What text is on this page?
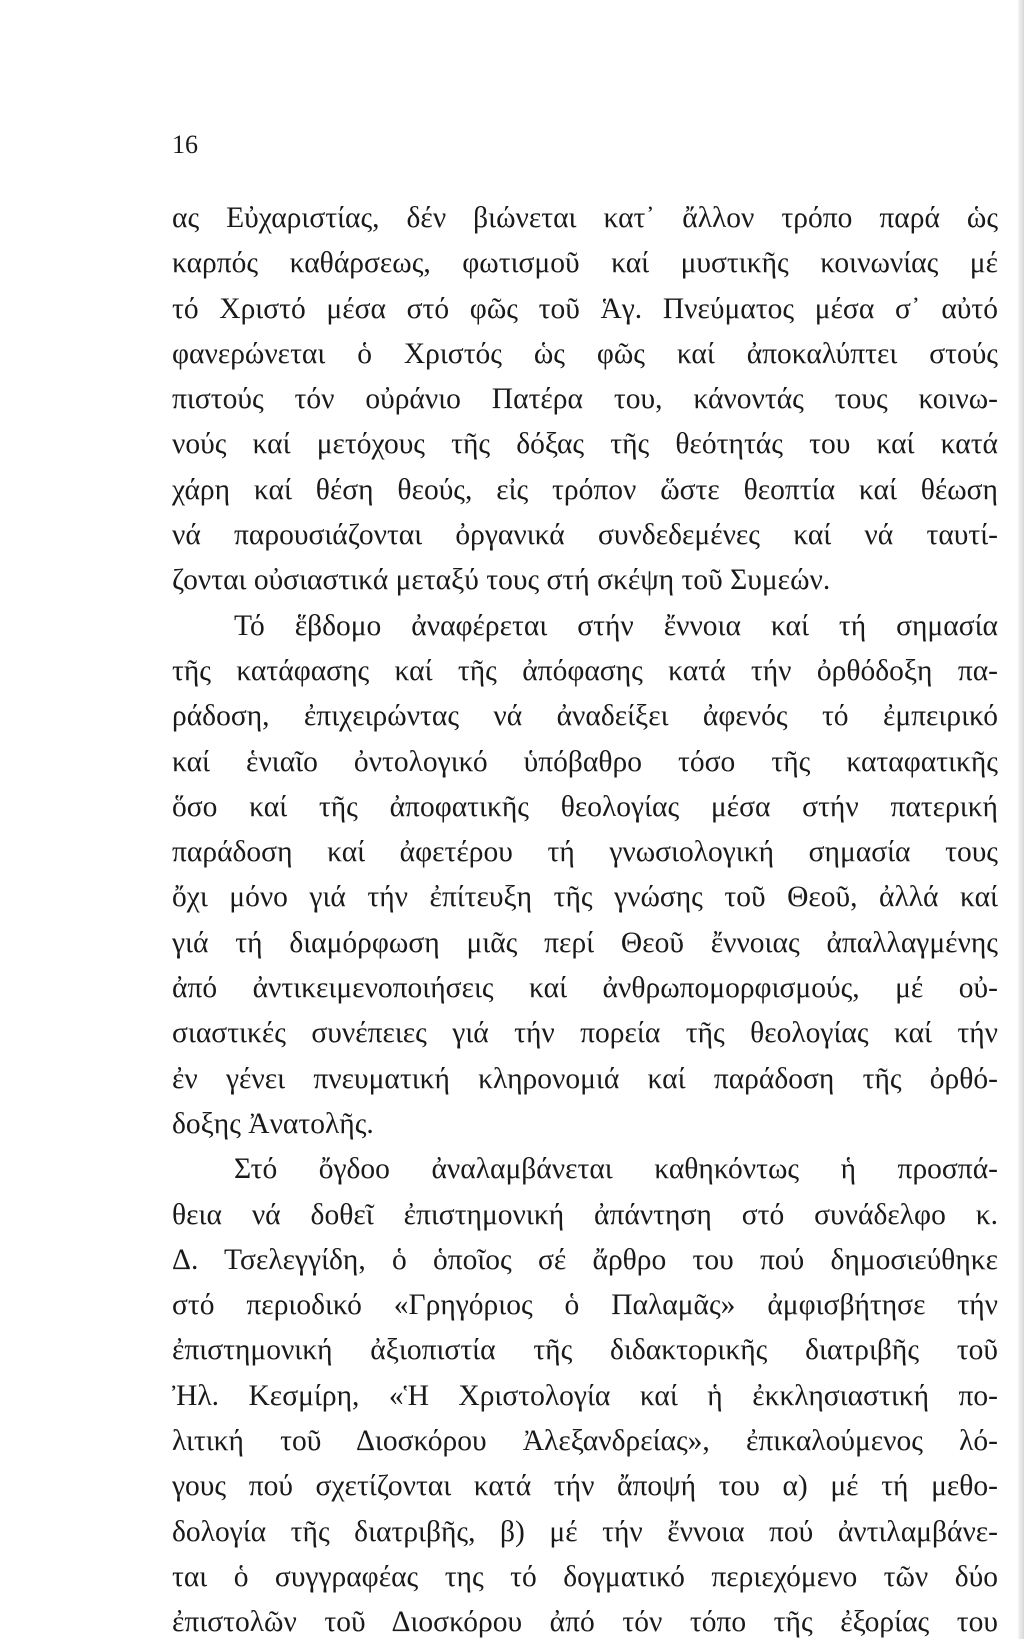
16
ας Εὐχαριστίας, δέν βιώνεται κατ᾽ ἄλλον τρόπο παρά ὡς
καρπός καθάρσεως, φωτισμοῦ καί μυστικῆς κοινωνίας μέ
τό Χριστό μέσα στό φῶς τοῦ Ἁγ. Πνεύματος μέσα σ᾽ αὐτό
φανερώνεται ὁ Χριστός ὡς φῶς καί ἀποκαλύπτει στούς
πιστούς τόν οὐράνιο Πατέρα του, κάνοντάς τους κοινω-
νούς καί μετόχους τῆς δόξας τῆς θεότητάς του καί κατά
χάρη καί θέση θεούς, εἰς τρόπον ὥστε θεοπτία καί θέωση
νά παρουσιάζονται ὀργανικά συνδεδεμένες καί νά ταυτί-
ζονται οὐσιαστικά μεταξύ τους στή σκέψη τοῦ Συμεών.
Τό ἕβδομο ἀναφέρεται στήν ἔννοια καί τή σημασία
τῆς κατάφασης καί τῆς ἀπόφασης κατά τήν ὀρθόδοξη πα-
ράδοση, ἐπιχειρώντας νά ἀναδείξει ἀφενός τό ἐμπειρικό
καί ἑνιαῖο ὀντολογικό ὑπόβαθρο τόσο τῆς καταφατικῆς
ὅσο καί τῆς ἀποφατικῆς θεολογίας μέσα στήν πατερική
παράδοση καί ἀφετέρου τή γνωσιολογική σημασία τους
ὄχι μόνο γιά τήν ἐπίτευξη τῆς γνώσης τοῦ Θεοῦ, ἀλλά καί
γιά τή διαμόρφωση μιᾶς περί Θεοῦ ἔννοιας ἀπαλλαγμένης
ἀπό ἀντικειμενοποιήσεις καί ἀνθρωπομορφισμούς, μέ οὐ-
σιαστικές συνέπειες γιά τήν πορεία τῆς θεολογίας καί τήν
ἐν γένει πνευματική κληρονομιά καί παράδοση τῆς ὀρθό-
δοξης Ἀνατολῆς.
Στό ὄγδοο ἀναλαμβάνεται καθηκόντως ἡ προσπά-
θεια νά δοθεῖ ἐπιστημονική ἀπάντηση στό συνάδελφο κ.
Δ. Τσελεγγίδη, ὁ ὁποῖος σέ ἄρθρο του πού δημοσιεύθηκε
στό περιοδικό «Γρηγόριος ὁ Παλαμᾶς» ἀμφισβήτησε τήν
ἐπιστημονική ἀξιοπιστία τῆς διδακτορικῆς διατριβῆς τοῦ
Ἠλ. Κεσμίρη, «Ἡ Χριστολογία καί ἡ ἐκκλησιαστική πο-
λιτική τοῦ Διοσκόρου Ἀλεξανδρείας», ἐπικαλούμενος λό-
γους πού σχετίζονται κατά τήν ἄποψή του α) μέ τή μεθο-
δολογία τῆς διατριβῆς, β) μέ τήν ἔννοια πού ἀντιλαμβάνε-
ται ὁ συγγραφέας της τό δογματικό περιεχόμενο τῶν δύο
ἐπιστολῶν τοῦ Διοσκόρου ἀπό τόν τόπο τῆς ἐξορίας του
